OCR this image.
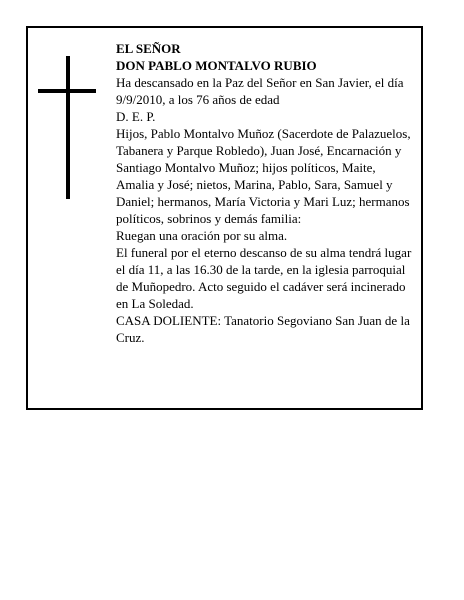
EL SEÑOR

DON PABLO MONTALVO RUBIO

Ha descansado en la Paz del Señor en San Javier, el día 9/9/2010, a los 76 años de edad

D. E. P.

Hijos, Pablo Montalvo Muñoz (Sacerdote de Palazuelos, Tabanera y Parque Robledo), Juan José, Encarnación y Santiago Montalvo Muñoz; hijos políticos, Maite, Amalia y José; nietos, Marina, Pablo, Sara, Samuel y Daniel; hermanos, María Victoria y Mari Luz; hermanos políticos, sobrinos y demás familia:

Ruegan una oración por su alma.

El funeral por el eterno descanso de su alma tendrá lugar el día 11, a las 16.30 de la tarde, en la iglesia parroquial de Muñopedro. Acto seguido el cadáver será incinerado en La Soledad.

CASA DOLIENTE: Tanatorio Segoviano San Juan de la Cruz.
